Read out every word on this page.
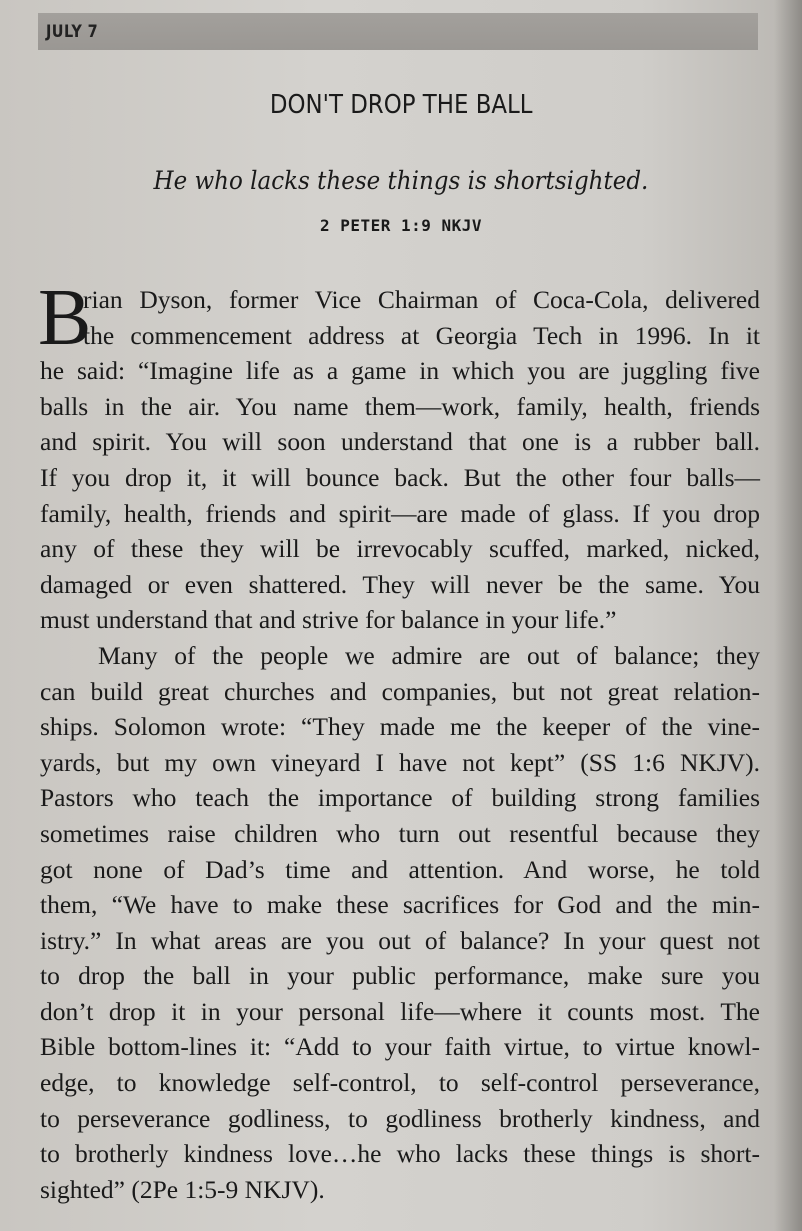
JULY 7
DON'T DROP THE BALL
He who lacks these things is shortsighted.
2 PETER 1:9 NKJV
B
rian Dyson, former Vice Chairman of Coca-Cola, delivered
the commencement address at Georgia Tech in 1996. In it
he said: “Imagine life as a game in which you are juggling five
balls in the air. You name them—work, family, health, friends
and spirit. You will soon understand that one is a rubber ball.
If you drop it, it will bounce back. But the other four balls—
family, health, friends and spirit—are made of glass. If you drop
any of these they will be irrevocably scuffed, marked, nicked,
damaged or even shattered. They will never be the same. You
must understand that and strive for balance in your life.”
Many of the people we admire are out of balance; they
can build great churches and companies, but not great relation-
ships. Solomon wrote: “They made me the keeper of the vine-
yards, but my own vineyard I have not kept” (SS 1:6 NKJV).
Pastors who teach the importance of building strong families
sometimes raise children who turn out resentful because they
got none of Dad’s time and attention. And worse, he told
them, “We have to make these sacrifices for God and the min-
istry.” In what areas are you out of balance? In your quest not
to drop the ball in your public performance, make sure you
don’t drop it in your personal life—where it counts most. The
Bible bottom-lines it: “Add to your faith virtue, to virtue knowl-
edge, to knowledge self-control, to self-control perseverance,
to perseverance godliness, to godliness brotherly kindness, and
to brotherly kindness love…he who lacks these things is short-
sighted” (2Pe 1:5-9 NKJV).
